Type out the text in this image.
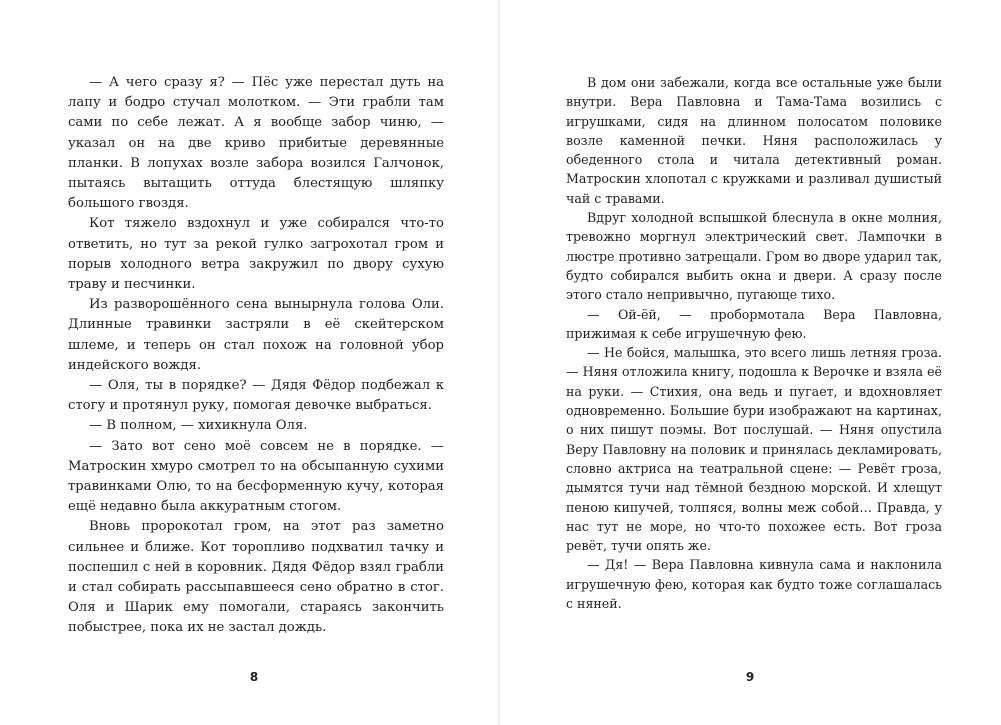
— А чего сразу я? — Пёс уже перестал дуть на лапу и бодро стучал молотком. — Эти грабли там сами по себе лежат. А я вообще забор чиню, — указал он на две криво прибитые деревянные планки. В лопухах возле забора возился Галчонок, пытаясь вытащить оттуда блестящую шляпку большого гвоздя.

Кот тяжело вздохнул и уже собирался что-то ответить, но тут за рекой гулко загрохотал гром и порыв холодного ветра закружил по двору сухую траву и песчинки.

Из разворошённого сена вынырнула голова Оли. Длинные травинки застряли в её скейтерском шлеме, и теперь он стал похож на головной убор индейского вождя.

— Оля, ты в порядке? — Дядя Фёдор подбежал к стогу и протянул руку, помогая девочке выбраться.

— В полном, — хихикнула Оля.

— Зато вот сено моё совсем не в порядке. — Матроскин хмуро смотрел то на обсыпанную сухими травинками Олю, то на бесформенную кучу, которая ещё недавно была аккуратным стогом.

Вновь пророкотал гром, на этот раз заметно сильнее и ближе. Кот торопливо подхватил тачку и поспешил с ней в коровник. Дядя Фёдор взял грабли и стал собирать рассыпавшееся сено обратно в стог. Оля и Шарик ему помогали, стараясь закончить побыстрее, пока их не застал дождь.

8

В дом они забежали, когда все остальные уже были внутри. Вера Павловна и Тама-Тама возились с игрушками, сидя на длинном полосатом половике возле каменной печки. Няня расположилась у обеденного стола и читала детективный роман. Матроскин хлопотал с кружками и разливал душистый чай с травами.

Вдруг холодной вспышкой блеснула в окне молния, тревожно моргнул электрический свет. Лампочки в люстре противно затрещали. Гром во дворе ударил так, будто собирался выбить окна и двери. А сразу после этого стало непривычно, пугающе тихо.

— Ой-ёй, — пробормотала Вера Павловна, прижимая к себе игрушечную фею.

— Не бойся, малышка, это всего лишь летняя гроза. — Няня отложила книгу, подошла к Верочке и взяла её на руки. — Стихия, она ведь и пугает, и вдохновляет одновременно. Большие бури изображают на картинах, о них пишут поэмы. Вот послушай. — Няня опустила Веру Павловну на половик и принялась декламировать, словно актриса на театральной сцене: — Ревёт гроза, дымятся тучи над тёмной бездною морской. И хлещут пеною кипучей, толпяся, волны меж собой… Правда, у нас тут не море, но что-то похожее есть. Вот гроза ревёт, тучи опять же.

— Дя! — Вера Павловна кивнула сама и наклонила игрушечную фею, которая как будто тоже соглашалась с няней.

9
